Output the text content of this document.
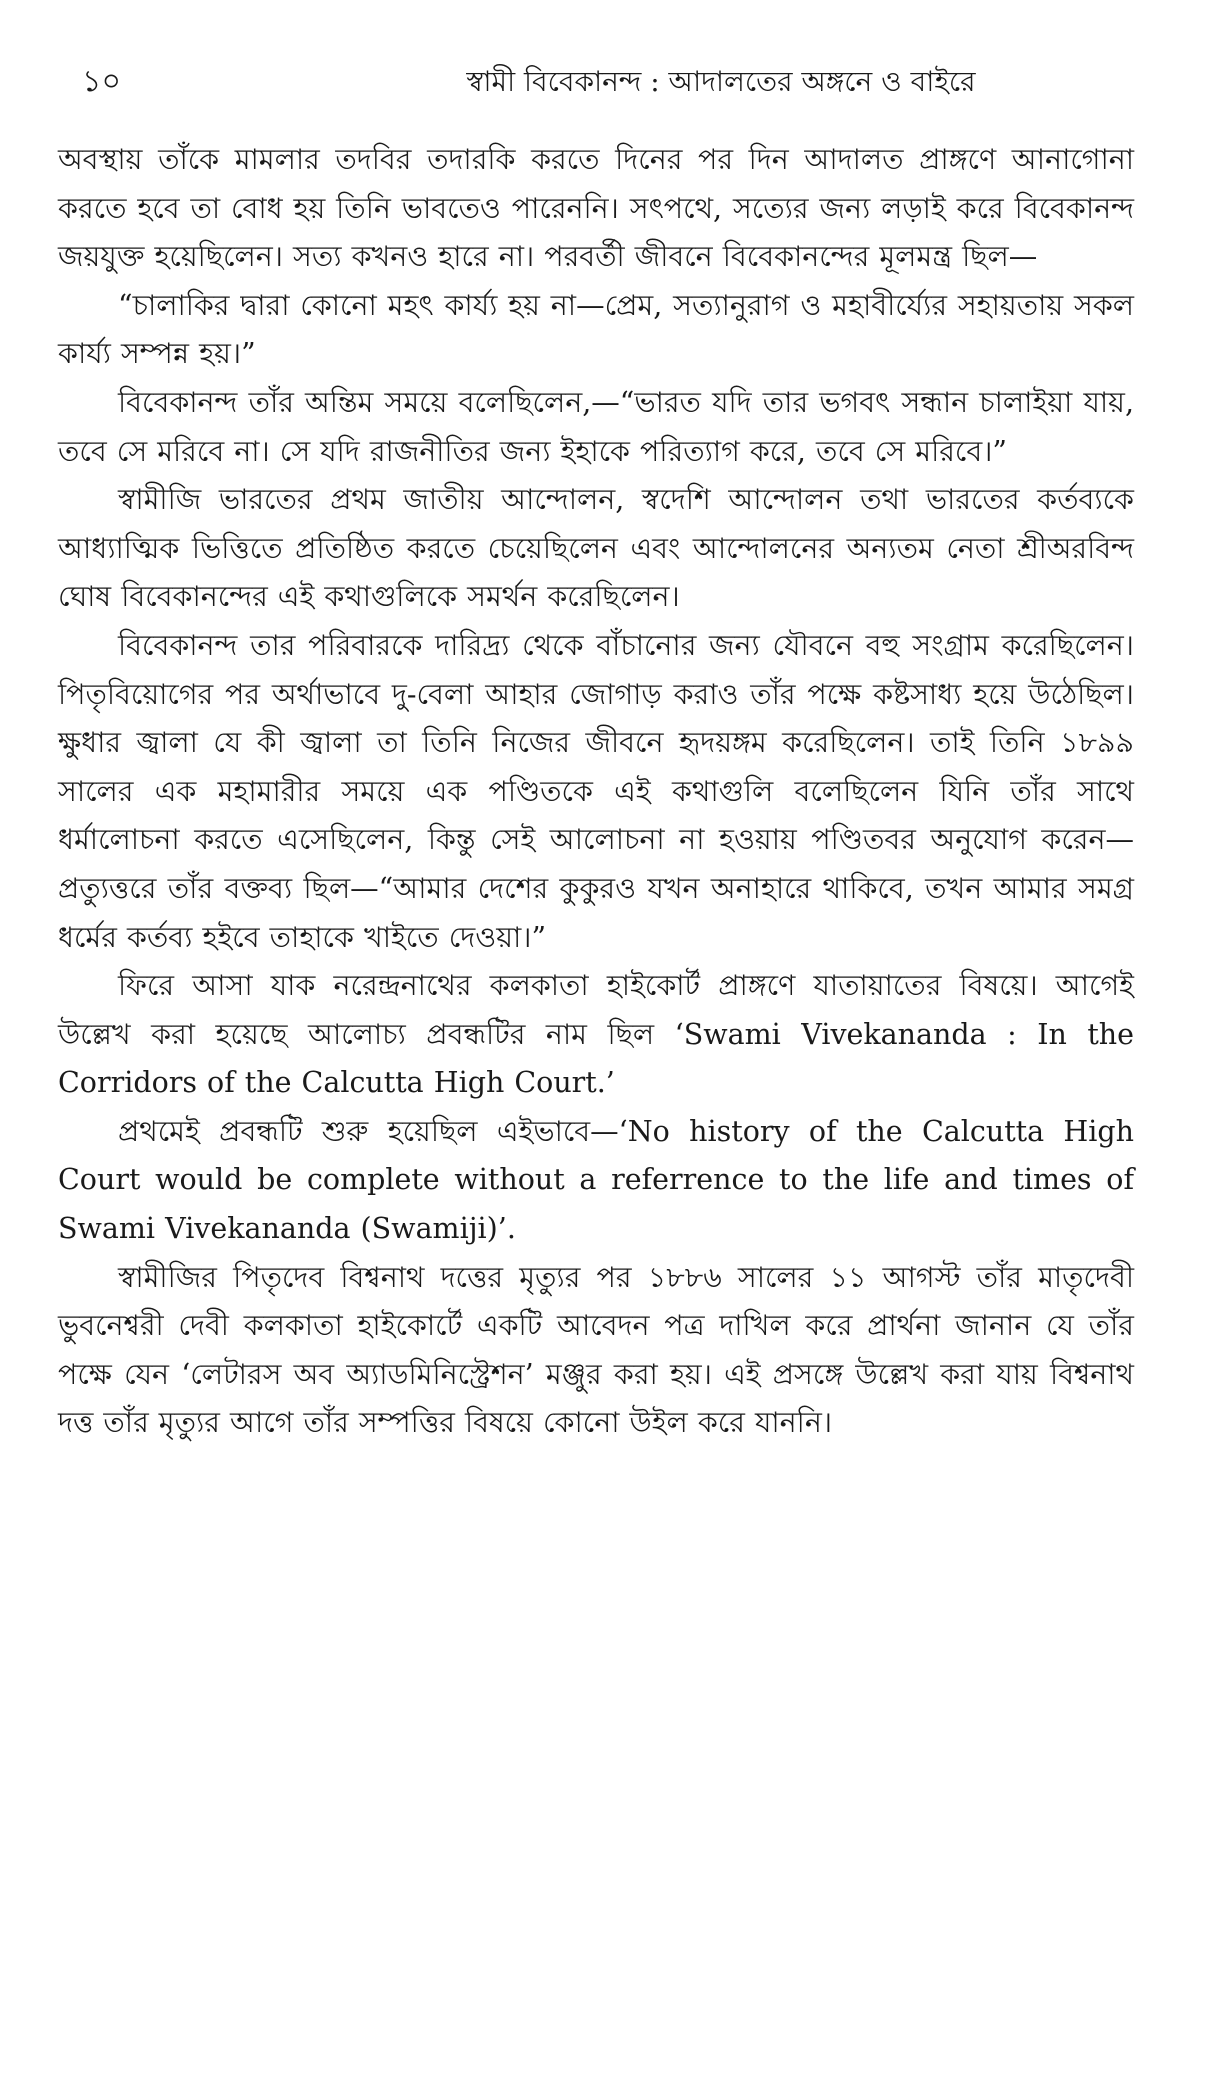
১০	স্বামী বিবেকানন্দ : আদালতের অঙ্গনে ও বাইরে

অবস্থায় তাঁকে মামলার তদবির তদারকি করতে দিনের পর দিন আদালত প্রাঙ্গণে আনাগোনা করতে হবে তা বোধ হয় তিনি ভাবতেও পারেননি। সৎপথে, সত্যের জন্য লড়াই করে বিবেকানন্দ জয়যুক্ত হয়েছিলেন। সত্য কখনও হারে না। পরবর্তী জীবনে বিবেকানন্দের মূলমন্ত্র ছিল—

“চালাকির দ্বারা কোনো মহৎ কার্য্য হয় না—প্রেম, সত্যানুরাগ ও মহাবীর্য্যের সহায়তায় সকল কার্য্য সম্পন্ন হয়।”

বিবেকানন্দ তাঁর অন্তিম সময়ে বলেছিলেন,—“ভারত যদি তার ভগবৎ সন্ধান চালাইয়া যায়, তবে সে মরিবে না। সে যদি রাজনীতির জন্য ইহাকে পরিত্যাগ করে, তবে সে মরিবে।”

স্বামীজি ভারতের প্রথম জাতীয় আন্দোলন, স্বদেশি আন্দোলন তথা ভারতের কর্তব্যকে আধ্যাত্মিক ভিত্তিতে প্রতিষ্ঠিত করতে চেয়েছিলেন এবং আন্দোলনের অন্যতম নেতা শ্রীঅরবিন্দ ঘোষ বিবেকানন্দের এই কথাগুলিকে সমর্থন করেছিলেন।

বিবেকানন্দ তার পরিবারকে দারিদ্র্য থেকে বাঁচানোর জন্য যৌবনে বহু সংগ্রাম করেছিলেন। পিতৃবিয়োগের পর অর্থাভাবে দু-বেলা আহার জোগাড় করাও তাঁর পক্ষে কষ্টসাধ্য হয়ে উঠেছিল। ক্ষুধার জ্বালা যে কী জ্বালা তা তিনি নিজের জীবনে হৃদয়ঙ্গম করেছিলেন। তাই তিনি ১৮৯৯ সালের এক মহামারীর সময়ে এক পণ্ডিতকে এই কথাগুলি বলেছিলেন যিনি তাঁর সাথে ধর্মালোচনা করতে এসেছিলেন, কিন্তু সেই আলোচনা না হওয়ায় পণ্ডিতবর অনুযোগ করেন—প্রত্যুত্তরে তাঁর বক্তব্য ছিল—“আমার দেশের কুকুরও যখন অনাহারে থাকিবে, তখন আমার সমগ্র ধর্মের কর্তব্য হইবে তাহাকে খাইতে দেওয়া।”

ফিরে আসা যাক নরেন্দ্রনাথের কলকাতা হাইকোর্ট প্রাঙ্গণে যাতায়াতের বিষয়ে। আগেই উল্লেখ করা হয়েছে আলোচ্য প্রবন্ধটির নাম ছিল ‘Swami Vivekananda : In the Corridors of the Calcutta High Court.’

প্রথমেই প্রবন্ধটি শুরু হয়েছিল এইভাবে—‘No history of the Calcutta High Court would be complete without a referrence to the life and times of Swami Vivekananda (Swamiji)’.

স্বামীজির পিতৃদেব বিশ্বনাথ দত্তের মৃত্যুর পর ১৮৮৬ সালের ১১ আগস্ট তাঁর মাতৃদেবী ভুবনেশ্বরী দেবী কলকাতা হাইকোর্টে একটি আবেদন পত্র দাখিল করে প্রার্থনা জানান যে তাঁর পক্ষে যেন ‘লেটারস অব অ্যাডমিনিস্ট্রেশন’ মঞ্জুর করা হয়। এই প্রসঙ্গে উল্লেখ করা যায় বিশ্বনাথ দত্ত তাঁর মৃত্যুর আগে তাঁর সম্পত্তির বিষয়ে কোনো উইল করে যাননি।
